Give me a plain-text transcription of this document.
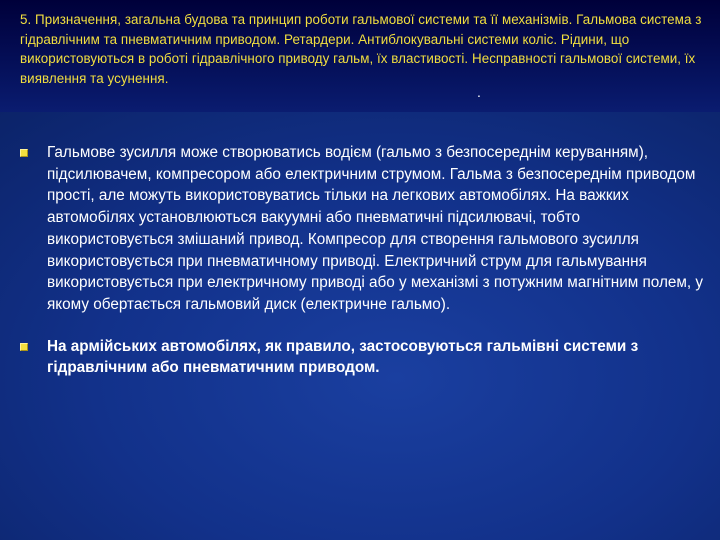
5. Призначення, загальна будова та принцип роботи гальмової системи та її механізмів. Гальмова система з гідравлічним та пневматичним приводом. Ретардери. Антиблокувальні системи коліс. Рідини, що використовуються в роботі гідравлічного приводу гальм, їх властивості. Несправності гальмової системи, їх виявлення та усунення.

.
Гальмове зусилля може створюватись водієм (гальмо з безпосереднім керуванням), підсилювачем, компресором або електричним струмом. Гальма з безпосереднім приводом прості, але можуть використовуватись тільки на легкових автомобілях. На важких автомобілях установлюються вакуумні або пневматичні підсилювачі, тобто використовується змішаний привод. Компресор для створення гальмового зусилля використовується при пневматичному приводі. Електричний струм для гальмування використовується при електричному приводі або у механізмі з потужним магнітним полем, у якому обертається гальмовий диск (електричне гальмо).
На армійських автомобілях, як правило, застосовуються гальмівні системи з гідравлічним або пневматичним приводом.
